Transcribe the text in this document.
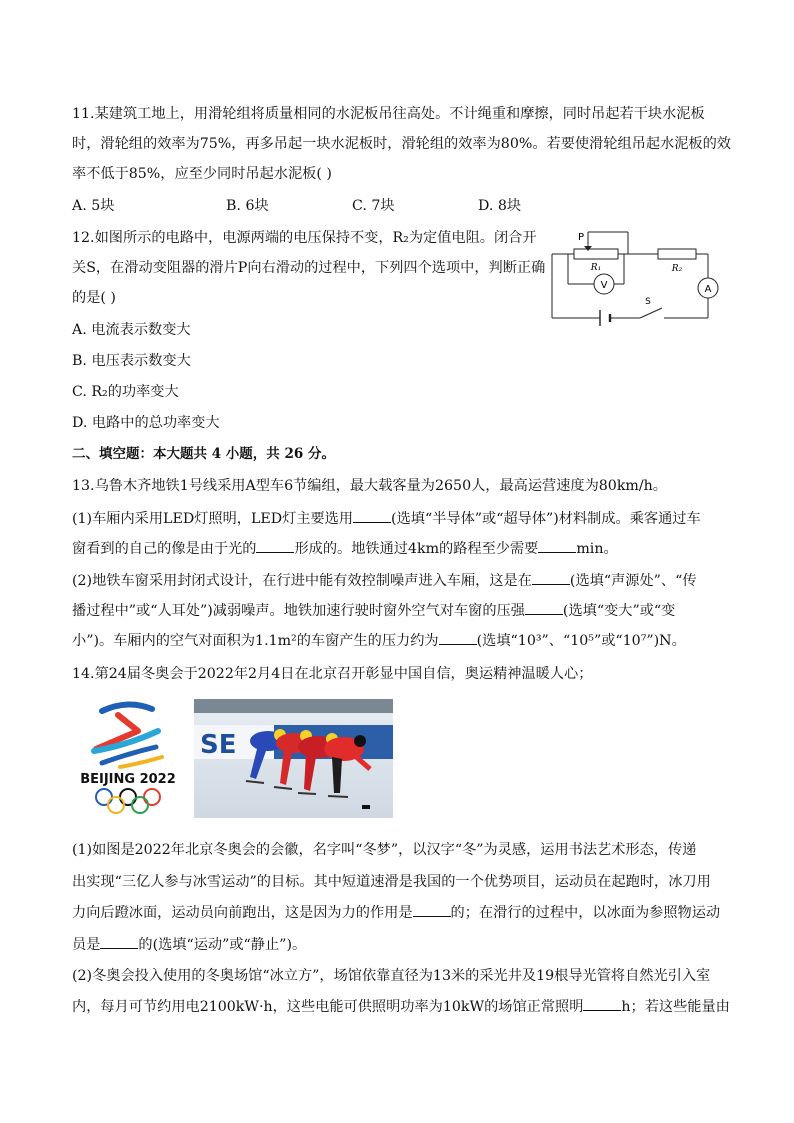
11.某建筑工地上，用滑轮组将质量相同的水泥板吊往高处。不计绳重和摩擦，同时吊起若干块水泥板
时，滑轮组的效率为75%，再多吊起一块水泥板时，滑轮组的效率为80%。若要使滑轮组吊起水泥板的效
率不低于85%，应至少同时吊起水泥板( )
A. 5块	B. 6块	C. 7块	D. 8块
12.如图所示的电路中，电源两端的电压保持不变，R₂为定值电阻。闭合开
关S，在滑动变阻器的滑片P向右滑动的过程中，下列四个选项中，判断正确
的是( )
A. 电流表示数变大
B. 电压表示数变大
C. R₂的功率变大
D. 电路中的总功率变大
P
R₁	R₂
V	A
S
二、填空题：本大题共 4 小题，共 26 分。
13.乌鲁木齐地铁1号线采用A型车6节编组，最大载客量为2650人，最高运营速度为80km/h。
(1)车厢内采用LED灯照明，LED灯主要选用	(选填“半导体”或“超导体”)材料制成。乘客通过车
窗看到的自己的像是由于光的	形成的。地铁通过4km的路程至少需要	min。
(2)地铁车窗采用封闭式设计，在行进中能有效控制噪声进入车厢，这是在	(选填“声源处”、“传
播过程中”或“人耳处”)减弱噪声。地铁加速行驶时窗外空气对车窗的压强	(选填“变大”或“变
小”)。车厢内的空气对面积为1.1m²的车窗产生的压力约为	(选填“10³”、“10⁵”或“10⁷”)N。
14.第24届冬奥会于2022年2月4日在北京召开彰显中国自信，奥运精神温暖人心；
BEIJING 2022
SE
(1)如图是2022年北京冬奥会的会徽，名字叫“冬梦”，以汉字“冬”为灵感，运用书法艺术形态，传递
出实现“三亿人参与冰雪运动”的目标。其中短道速滑是我国的一个优势项目，运动员在起跑时，冰刀用
力向后蹬冰面，运动员向前跑出，这是因为力的作用是	的；在滑行的过程中，以冰面为参照物运动
员是	的(选填“运动”或“静止”)。
(2)冬奥会投入使用的冬奥场馆“冰立方”，场馆依靠直径为13米的采光井及19根导光管将自然光引入室
内，每月可节约用电2100kW·h，这些电能可供照明功率为10kW的场馆正常照明	h；若这些能量由
